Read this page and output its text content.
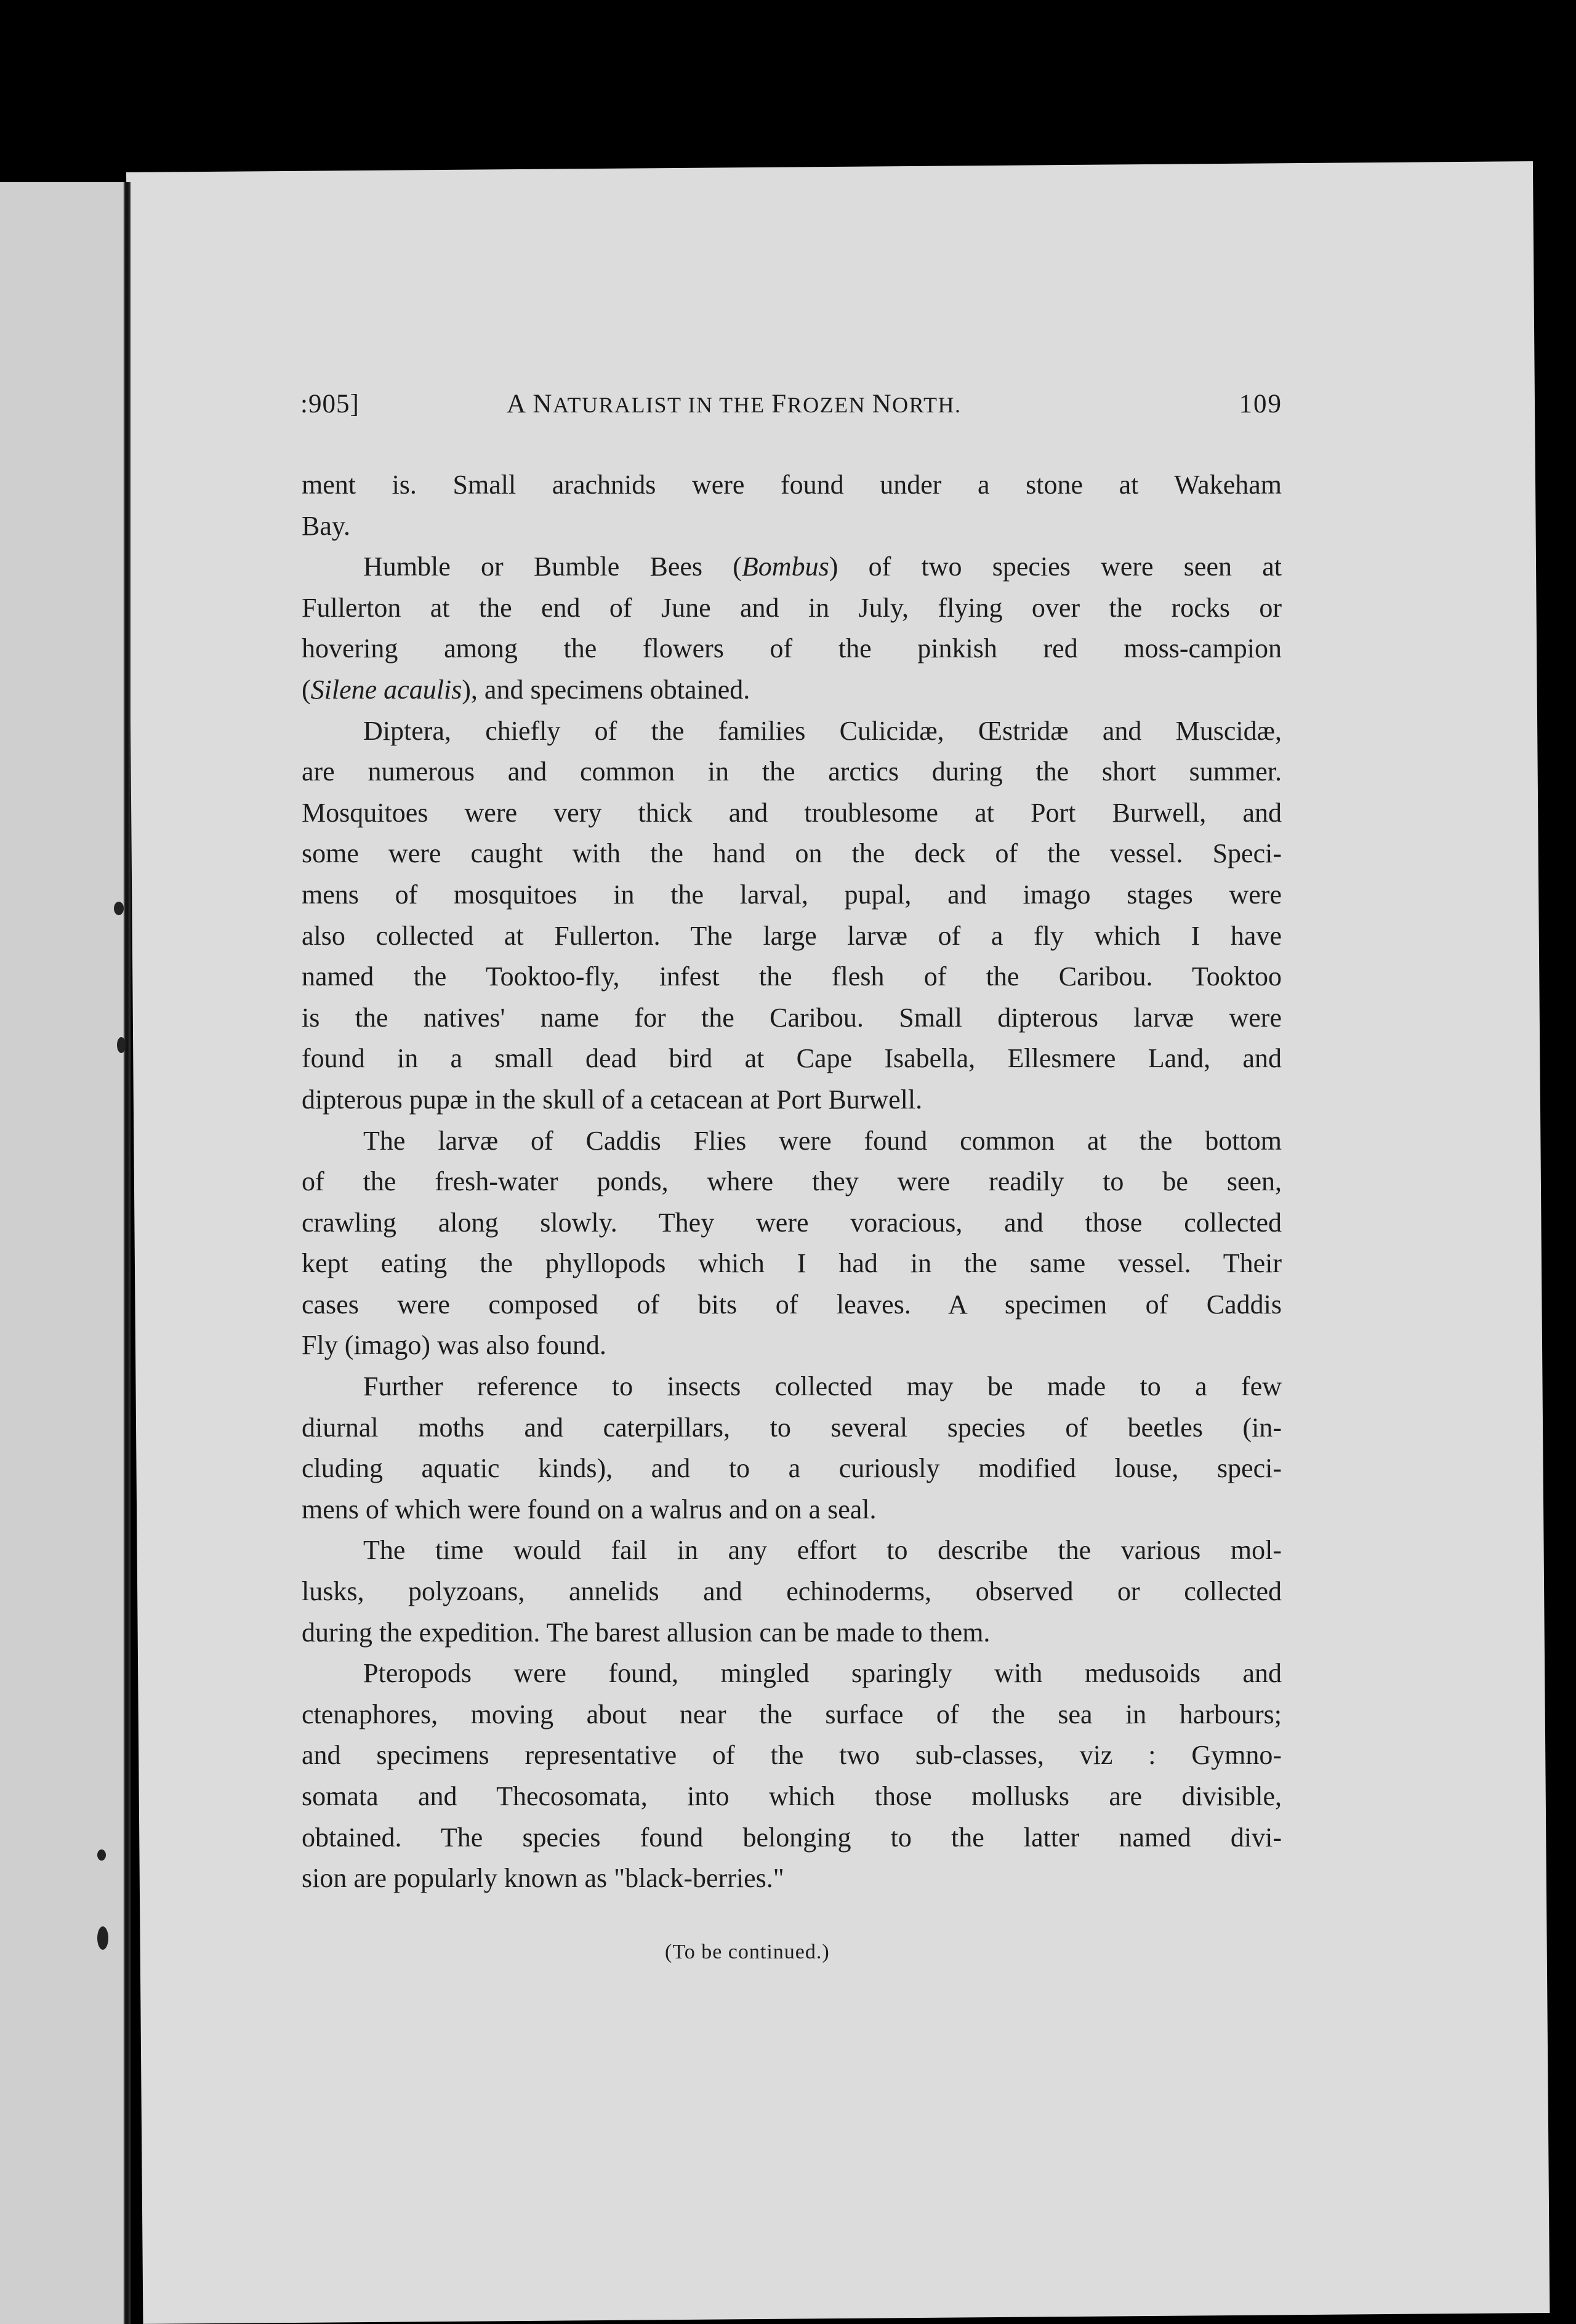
:905]	A NATURALIST IN THE FROZEN NORTH.	109
ment is. Small arachnids were found under a stone at Wakeham
Bay.
Humble or Bumble Bees (Bombus) of two species were seen at
Fullerton at the end of June and in July, flying over the rocks or
hovering among the flowers of the pinkish red moss-campion
(Silene acaulis), and specimens obtained.
Diptera, chiefly of the families Culicidæ, Œstridæ and Muscidæ,
are numerous and common in the arctics during the short summer.
Mosquitoes were very thick and troublesome at Port Burwell, and
some were caught with the hand on the deck of the vessel. Speci-
mens of mosquitoes in the larval, pupal, and imago stages were
also collected at Fullerton. The large larvæ of a fly which I have
named the Tooktoo-fly, infest the flesh of the Caribou. Tooktoo
is the natives' name for the Caribou. Small dipterous larvæ were
found in a small dead bird at Cape Isabella, Ellesmere Land, and
dipterous pupæ in the skull of a cetacean at Port Burwell.
The larvæ of Caddis Flies were found common at the bottom
of the fresh-water ponds, where they were readily to be seen,
crawling along slowly. They were voracious, and those collected
kept eating the phyllopods which I had in the same vessel. Their
cases were composed of bits of leaves. A specimen of Caddis
Fly (imago) was also found.
Further reference to insects collected may be made to a few
diurnal moths and caterpillars, to several species of beetles (in-
cluding aquatic kinds), and to a curiously modified louse, speci-
mens of which were found on a walrus and on a seal.
The time would fail in any effort to describe the various mol-
lusks, polyzoans, annelids and echinoderms, observed or collected
during the expedition. The barest allusion can be made to them.
Pteropods were found, mingled sparingly with medusoids and
ctenaphores, moving about near the surface of the sea in harbours;
and specimens representative of the two sub-classes, viz : Gymno-
somata and Thecosomata, into which those mollusks are divisible,
obtained. The species found belonging to the latter named divi-
sion are popularly known as "black-berries."
(To be continued.)
